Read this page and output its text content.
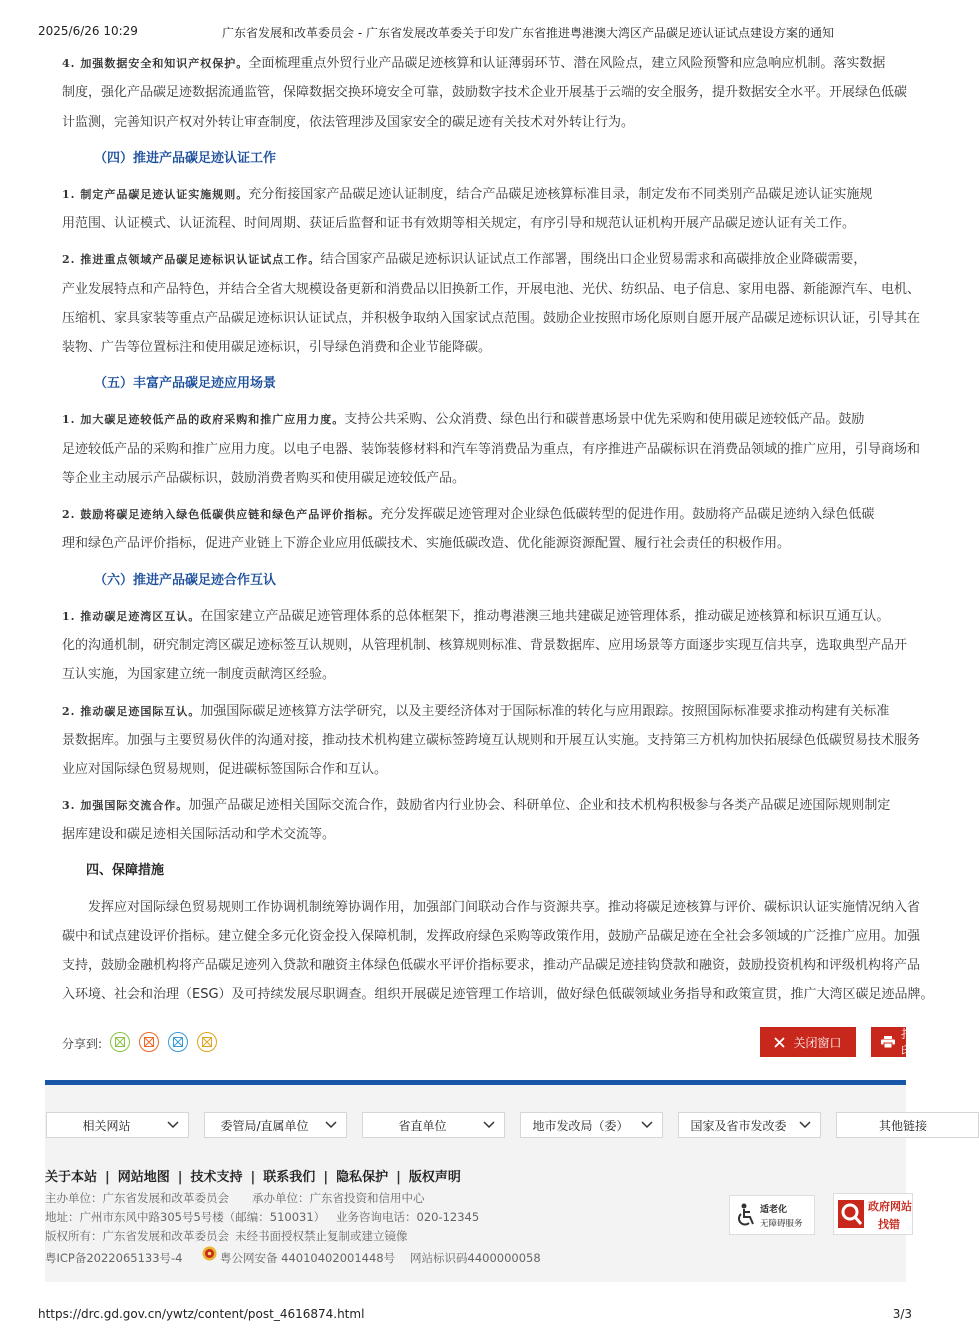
2025/6/26 10:29	广东省发展和改革委员会 - 广东省发展改革委关于印发广东省推进粤港澳大湾区产品碳足迹认证试点建设方案的通知
4. 加强数据安全和知识产权保护。全面梳理重点外贸行业产品碳足迹核算和认证薄弱环节、潜在风险点，建立风险预警和应急响应机制。落实数据
制度，强化产品碳足迹数据流通监管，保障数据交换环境安全可靠，鼓励数字技术企业开展基于云端的安全服务，提升数据安全水平。开展绿色低碳
计监测，完善知识产权对外转让审查制度，依法管理涉及国家安全的碳足迹有关技术对外转让行为。
（四）推进产品碳足迹认证工作
1. 制定产品碳足迹认证实施规则。充分衔接国家产品碳足迹认证制度，结合产品碳足迹核算标准目录，制定发布不同类别产品碳足迹认证实施规
用范围、认证模式、认证流程、时间周期、获证后监督和证书有效期等相关规定，有序引导和规范认证机构开展产品碳足迹认证有关工作。
2. 推进重点领域产品碳足迹标识认证试点工作。结合国家产品碳足迹标识认证试点工作部署，围绕出口企业贸易需求和高碳排放企业降碳需要，
产业发展特点和产品特色，并结合全省大规模设备更新和消费品以旧换新工作，开展电池、光伏、纺织品、电子信息、家用电器、新能源汽车、电机、
压缩机、家具家装等重点产品碳足迹标识认证试点，并积极争取纳入国家试点范围。鼓励企业按照市场化原则自愿开展产品碳足迹标识认证，引导其在
装物、广告等位置标注和使用碳足迹标识，引导绿色消费和企业节能降碳。
（五）丰富产品碳足迹应用场景
1. 加大碳足迹较低产品的政府采购和推广应用力度。支持公共采购、公众消费、绿色出行和碳普惠场景中优先采购和使用碳足迹较低产品。鼓励
足迹较低产品的采购和推广应用力度。以电子电器、装饰装修材料和汽车等消费品为重点，有序推进产品碳标识在消费品领域的推广应用，引导商场和
等企业主动展示产品碳标识，鼓励消费者购买和使用碳足迹较低产品。
2. 鼓励将碳足迹纳入绿色低碳供应链和绿色产品评价指标。充分发挥碳足迹管理对企业绿色低碳转型的促进作用。鼓励将产品碳足迹纳入绿色低碳
理和绿色产品评价指标，促进产业链上下游企业应用低碳技术、实施低碳改造、优化能源资源配置、履行社会责任的积极作用。
（六）推进产品碳足迹合作互认
1. 推动碳足迹湾区互认。在国家建立产品碳足迹管理体系的总体框架下，推动粤港澳三地共建碳足迹管理体系，推动碳足迹核算和标识互通互认。
化的沟通机制，研究制定湾区碳足迹标签互认规则，从管理机制、核算规则标准、背景数据库、应用场景等方面逐步实现互信共享，选取典型产品开
互认实施，为国家建立统一制度贡献湾区经验。
2. 推动碳足迹国际互认。加强国际碳足迹核算方法学研究，以及主要经济体对于国际标准的转化与应用跟踪。按照国际标准要求推动构建有关标准
景数据库。加强与主要贸易伙伴的沟通对接，推动技术机构建立碳标签跨境互认规则和开展互认实施。支持第三方机构加快拓展绿色低碳贸易技术服务
业应对国际绿色贸易规则，促进碳标签国际合作和互认。
3. 加强国际交流合作。加强产品碳足迹相关国际交流合作，鼓励省内行业协会、科研单位、企业和技术机构积极参与各类产品碳足迹国际规则制定
据库建设和碳足迹相关国际活动和学术交流等。
四、保障措施
发挥应对国际绿色贸易规则工作协调机制统筹协调作用，加强部门间联动合作与资源共享。推动将碳足迹核算与评价、碳标识认证实施情况纳入省
碳中和试点建设评价指标。建立健全多元化资金投入保障机制，发挥政府绿色采购等政策作用，鼓励产品碳足迹在全社会多领域的广泛推广应用。加强
支持，鼓励金融机构将产品碳足迹列入贷款和融资主体绿色低碳水平评价指标要求，推动产品碳足迹挂钩贷款和融资，鼓励投资机构和评级机构将产品
入环境、社会和治理（ESG）及可持续发展尽职调查。组织开展碳足迹管理工作培训，做好绿色低碳领域业务指导和政策宣贯，推广大湾区碳足迹品牌。
分享到:	关闭窗口
打印
相关网站	委管局/直属单位	省直单位	地市发改局（委）	国家及省市发改委	其他链接
关于本站 | 网站地图 | 技术支持 | 联系我们 | 隐私保护 | 版权声明
主办单位：广东省发展和改革委员会 承办单位：广东省投资和信用中心
地址：广州市东风中路305号5号楼（邮编：510031） 业务咨询电话：020-12345
版权所有：广东省发展和改革委员会 未经书面授权禁止复制或建立镜像
粤ICP备2022065133号-4	粤公网安备 44010402001448号 网站标识码4400000058
适老化
无障碍服务
政府网站
找错
https://drc.gd.gov.cn/ywtz/content/post_4616874.html	3/3
